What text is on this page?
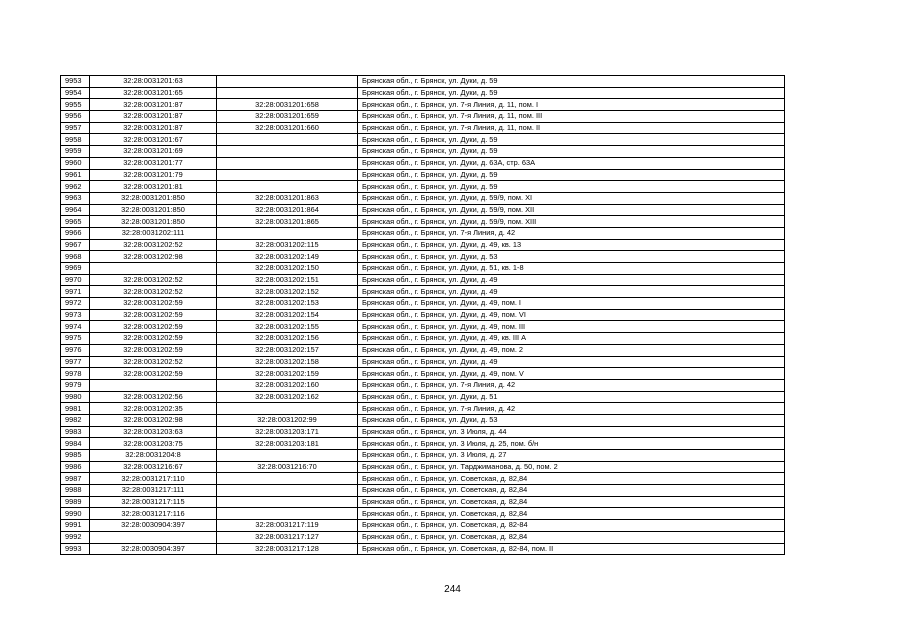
9953	32:28:0031201:63		Брянская обл., г. Брянск, ул. Дуки, д. 59
9954	32:28:0031201:65		Брянская обл., г. Брянск, ул. Дуки, д. 59
9955	32:28:0031201:87	32:28:0031201:658	Брянская обл., г. Брянск, ул. 7-я Линия, д. 11, пом. I
9956	32:28:0031201:87	32:28:0031201:659	Брянская обл., г. Брянск, ул. 7-я Линия, д. 11, пом. III
9957	32:28:0031201:87	32:28:0031201:660	Брянская обл., г. Брянск, ул. 7-я Линия, д. 11, пом. II
9958	32:28:0031201:67		Брянская обл., г. Брянск, ул. Дуки, д. 59
9959	32:28:0031201:69		Брянская обл., г. Брянск, ул. Дуки, д. 59
9960	32:28:0031201:77		Брянская обл., г. Брянск, ул. Дуки, д. 63А, стр. 63А
9961	32:28:0031201:79		Брянская обл., г. Брянск, ул. Дуки, д. 59
9962	32:28:0031201:81		Брянская обл., г. Брянск, ул. Дуки, д. 59
9963	32:28:0031201:850	32:28:0031201:863	Брянская обл., г. Брянск, ул. Дуки, д. 59/9, пом. XI
9964	32:28:0031201:850	32:28:0031201:864	Брянская обл., г. Брянск, ул. Дуки, д. 59/9, пом. XII
9965	32:28:0031201:850	32:28:0031201:865	Брянская обл., г. Брянск, ул. Дуки, д. 59/9, пом. XIII
9966	32:28:0031202:111		Брянская обл., г. Брянск, ул. 7-я Линия, д. 42
9967	32:28:0031202:52	32:28:0031202:115	Брянская обл., г. Брянск, ул. Дуки, д. 49, кв. 13
9968	32:28:0031202:98	32:28:0031202:149	Брянская обл., г. Брянск, ул. Дуки, д. 53
9969		32:28:0031202:150	Брянская обл., г. Брянск, ул. Дуки, д. 51, кв. 1-8
9970	32:28:0031202:52	32:28:0031202:151	Брянская обл., г. Брянск, ул. Дуки, д. 49
9971	32:28:0031202:52	32:28:0031202:152	Брянская обл., г. Брянск, ул. Дуки, д. 49
9972	32:28:0031202:59	32:28:0031202:153	Брянская обл., г. Брянск, ул. Дуки, д. 49, пом. I
9973	32:28:0031202:59	32:28:0031202:154	Брянская обл., г. Брянск, ул. Дуки, д. 49, пом. VI
9974	32:28:0031202:59	32:28:0031202:155	Брянская обл., г. Брянск, ул. Дуки, д. 49, пом. III
9975	32:28:0031202:59	32:28:0031202:156	Брянская обл., г. Брянск, ул. Дуки, д. 49, кв. III А
9976	32:28:0031202:59	32:28:0031202:157	Брянская обл., г. Брянск, ул. Дуки, д. 49, пом. 2
9977	32:28:0031202:52	32:28:0031202:158	Брянская обл., г. Брянск, ул. Дуки, д. 49
9978	32:28:0031202:59	32:28:0031202:159	Брянская обл., г. Брянск, ул. Дуки, д. 49, пом. V
9979		32:28:0031202:160	Брянская обл., г. Брянск, ул. 7-я Линия, д. 42
9980	32:28:0031202:56	32:28:0031202:162	Брянская обл., г. Брянск, ул. Дуки, д. 51
9981	32:28:0031202:35		Брянская обл., г. Брянск, ул. 7-я Линия, д. 42
9982	32:28:0031202:98	32:28:0031202:99	Брянская обл., г. Брянск, ул. Дуки, д. 53
9983	32:28:0031203:63	32:28:0031203:171	Брянская обл., г. Брянск, ул. 3 Июля, д. 44
9984	32:28:0031203:75	32:28:0031203:181	Брянская обл., г. Брянск, ул. 3 Июля, д. 25, пом. б/н
9985	32:28:0031204:8		Брянская обл., г. Брянск, ул. 3 Июля, д. 27
9986	32:28:0031216:67	32:28:0031216:70	Брянская обл., г. Брянск, ул. Тарджиманова, д. 50, пом. 2
9987	32:28:0031217:110		Брянская обл., г. Брянск, ул. Советская, д. 82,84
9988	32:28:0031217:111		Брянская обл., г. Брянск, ул. Советская, д. 82,84
9989	32:28:0031217:115		Брянская обл., г. Брянск, ул. Советская, д. 82,84
9990	32:28:0031217:116		Брянская обл., г. Брянск, ул. Советская, д. 82,84
9991	32:28:0030904:397	32:28:0031217:119	Брянская обл., г. Брянск, ул. Советская, д. 82-84
9992		32:28:0031217:127	Брянская обл., г. Брянск, ул. Советская, д. 82,84
9993	32:28:0030904:397	32:28:0031217:128	Брянская обл., г. Брянск, ул. Советская, д. 82-84, пом. II
244
